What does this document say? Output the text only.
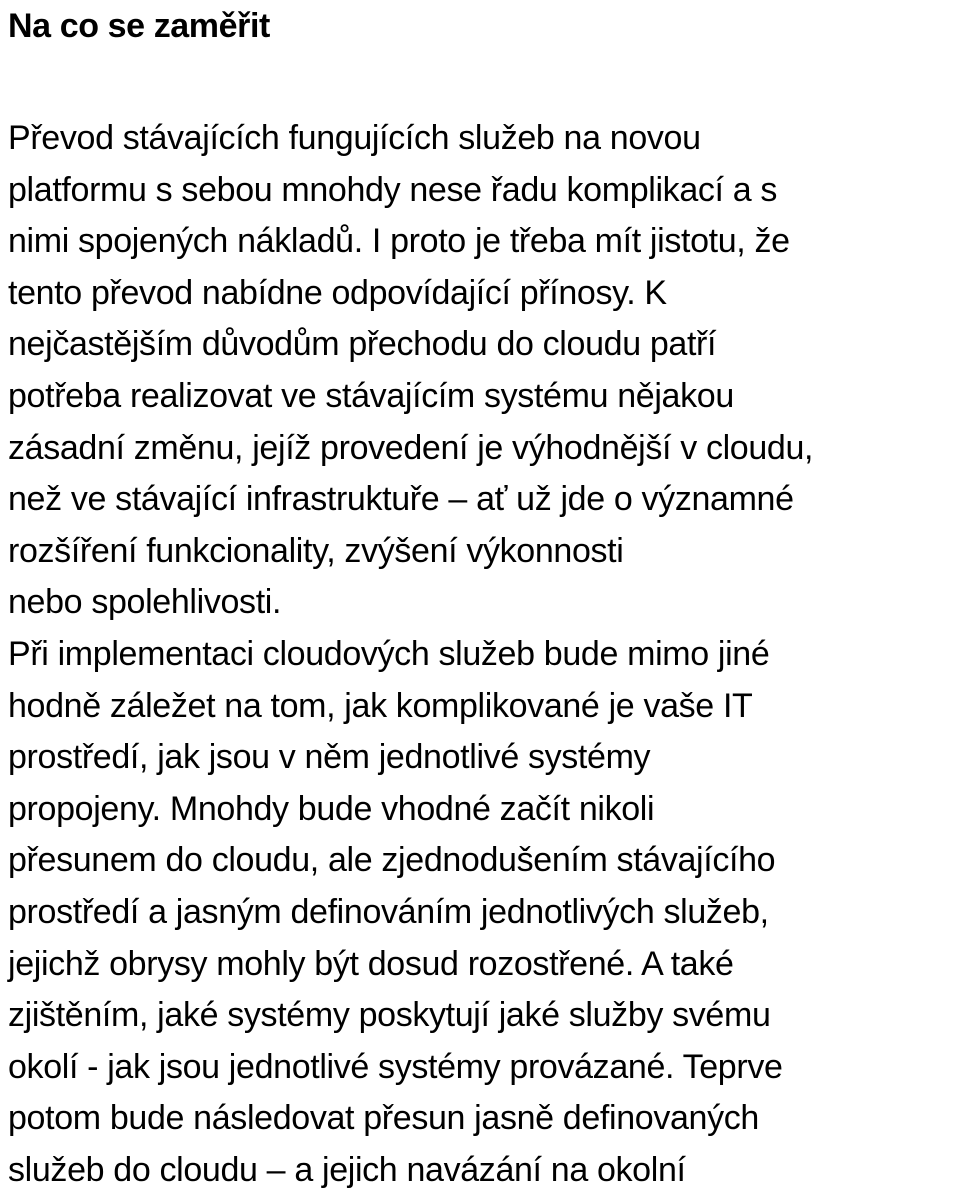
Na co se zaměřit
Převod stávajících fungujících služeb na novou
platformu s sebou mnohdy nese řadu komplikací a s
nimi spojených nákladů. I proto je třeba mít jistotu, že
tento převod nabídne odpovídající přínosy. K
nejčastějším důvodům přechodu do cloudu patří
potřeba realizovat ve stávajícím systému nějakou
zásadní změnu, jejíž provedení je výhodnější v cloudu,
než ve stávající infrastruktuře – ať už jde o významné
rozšíření funkcionality, zvýšení výkonnosti
nebo spolehlivosti.
Při implementaci cloudových služeb bude mimo jiné
hodně záležet na tom, jak komplikované je vaše IT
prostředí, jak jsou v něm jednotlivé systémy
propojeny. Mnohdy bude vhodné začít nikoli
přesunem do cloudu, ale zjednodušením stávajícího
prostředí a jasným definováním jednotlivých služeb,
jejichž obrysy mohly být dosud rozostřené. A také
zjištěním, jaké systémy poskytují jaké služby svému
okolí - jak jsou jednotlivé systémy provázané. Teprve
potom bude následovat přesun jasně definovaných
služeb do cloudu – a jejich navázání na okolní
